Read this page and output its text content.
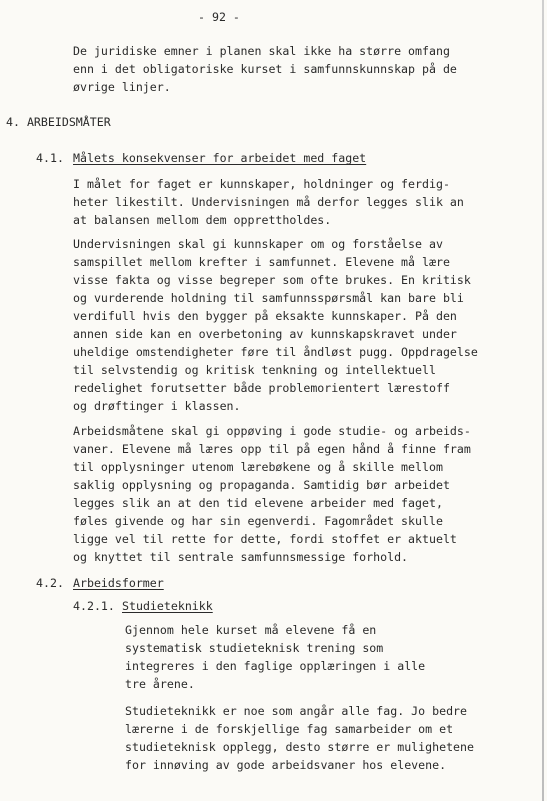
- 92 -
De juridiske emner i planen skal ikke ha større omfang
enn i det obligatoriske kurset i samfunnskunnskap på de
øvrige linjer.
4. ARBEIDSMÅTER
4.1. Målets konsekvenser for arbeidet med faget
I målet for faget er kunnskaper, holdninger og ferdig-
heter likestilt. Undervisningen må derfor legges slik an
at balansen mellom dem opprettholdes.
Undervisningen skal gi kunnskaper om og forståelse av
samspillet mellom krefter i samfunnet. Elevene må lære
visse fakta og visse begreper som ofte brukes. En kritisk
og vurderende holdning til samfunnsspørsmål kan bare bli
verdifull hvis den bygger på eksakte kunnskaper. På den
annen side kan en overbetoning av kunnskapskravet under
uheldige omstendigheter føre til åndløst pugg. Oppdragelse
til selvstendig og kritisk tenkning og intellektuell
redelighet forutsetter både problemorientert lærestoff
og drøftinger i klassen.
Arbeidsmåtene skal gi oppøving i gode studie- og arbeids-
vaner. Elevene må læres opp til på egen hånd å finne fram
til opplysninger utenom lærebøkene og å skille mellom
saklig opplysning og propaganda. Samtidig bør arbeidet
legges slik an at den tid elevene arbeider med faget,
føles givende og har sin egenverdi. Fagområdet skulle
ligge vel til rette for dette, fordi stoffet er aktuelt
og knyttet til sentrale samfunnsmessige forhold.
4.2. Arbeidsformer
4.2.1. Studieteknikk
Gjennom hele kurset må elevene få en
systematisk studieteknisk trening som
integreres i den faglige opplæringen i alle
tre årene.
Studieteknikk er noe som angår alle fag. Jo bedre
lærerne i de forskjellige fag samarbeider om et
studieteknisk opplegg, desto større er mulighetene
for innøving av gode arbeidsvaner hos elevene.
